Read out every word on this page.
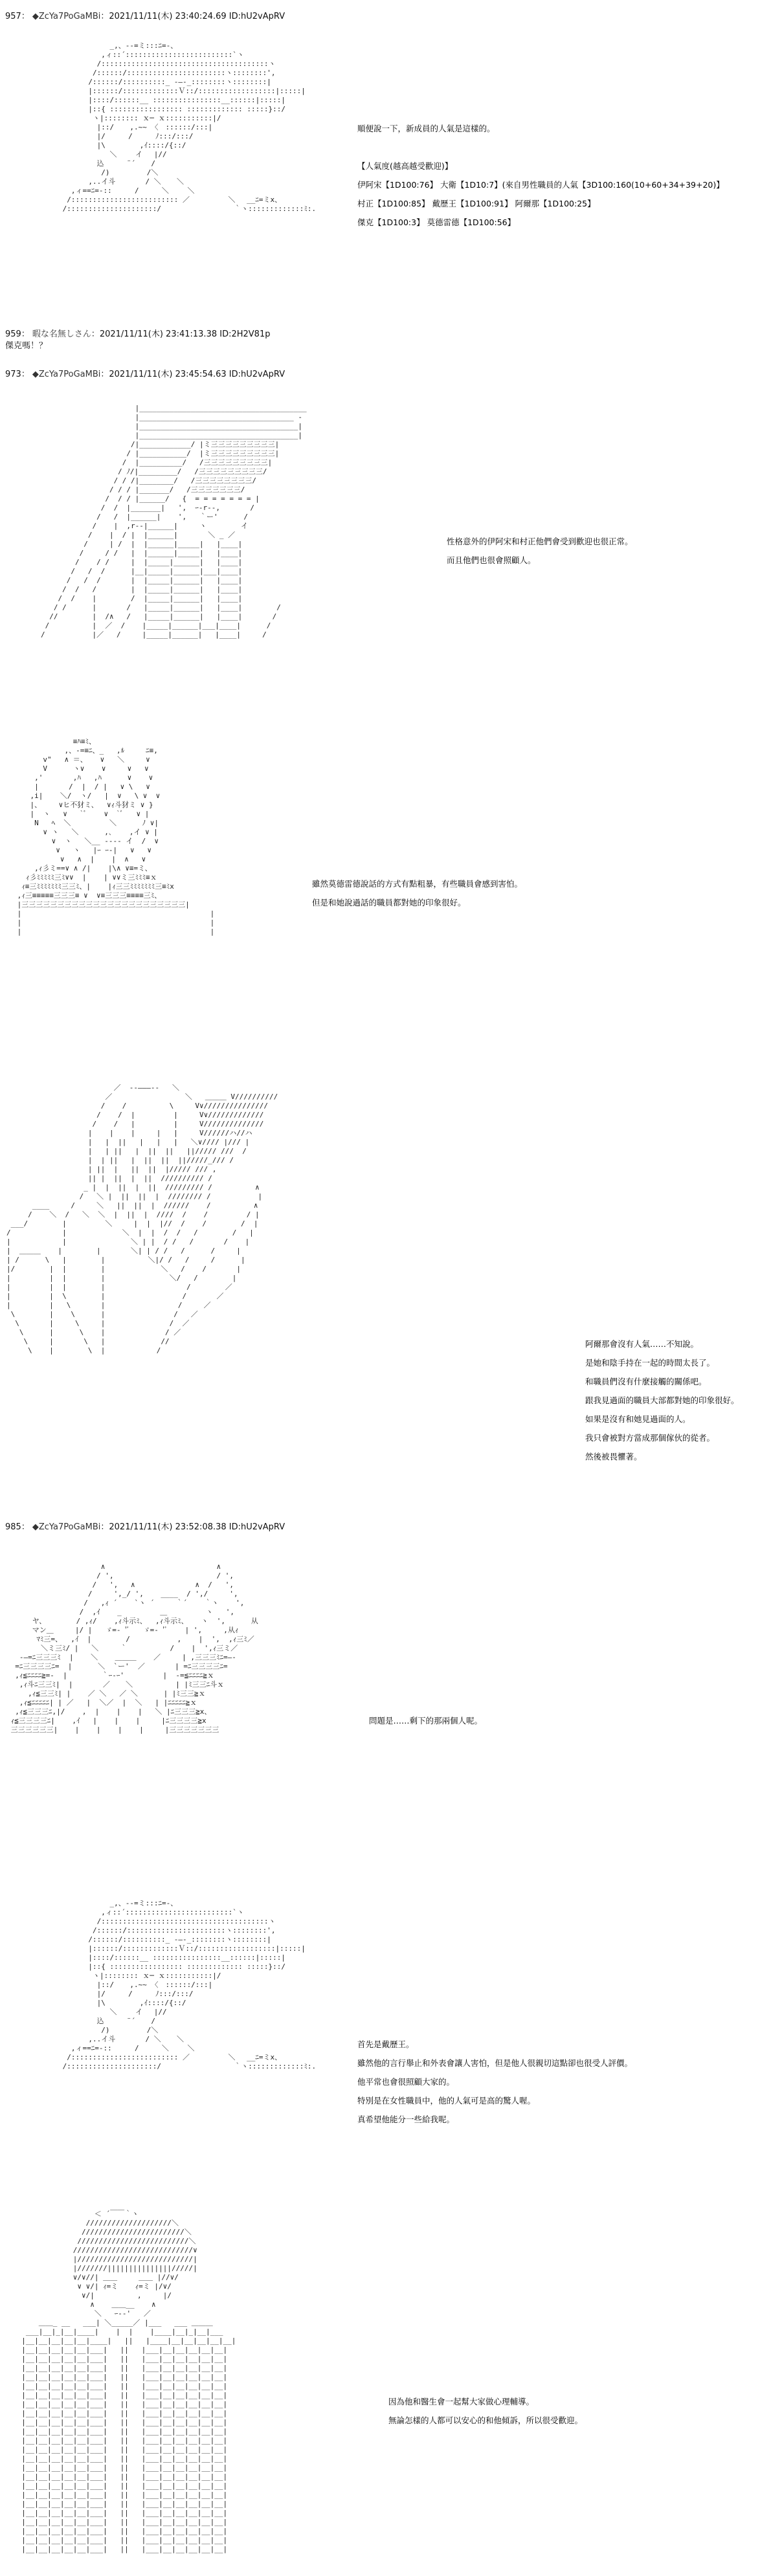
957： ◆ZcYa7PoGaMBi：2021/11/11(木) 23:40:24.69 ID:hU2vApRV

_,、-‐=ミ:::ﾆ=-、
,ィ::´:::::::::::::::::::::::::`ヽ
/:::::::::::::::::::::::::::::::::::::::ヽ
/::::::/:::::::::::::::::::::::ヽ::::::::',
/::::::/::::::::::_ -―-_::::::::ヽ::::::::|
|::::::/:::::::::::::Ｖ::/::::::::::::::::::|:::::|
|::::/::::::__ ::::::::::::::::__::::::|:::::|
|::{ ::::::::::::::::: ::::::::::::: :::::}::/
ヽ|:::::::: ｘ─ ｘ:::::::::::|/
|::/ 　 ,.~~ 〈　::::::/:::|
|/ 　　 /　 　 ﾉ:::/:::/
|\　 　 　 ,ｲ::::/{::/
＼　　 イ　 |//
込　 　 ¨´ 　 /
/)　　 　 　/＼
,..イ斗　 　 　/ ＼ 　 ＼
,ィ==ﾆ=-::　 　 /　 　 ＼　 　＼
/::::::::::::::::::::::::: ／ 　 　 　 ＼ 　__ﾆ=ミx、
/:::::::::::::::::::::/ 　 　 　 　 　 　 ｀ヽ:::::::::::::ﾐ:.

順便說一下，新成員的人氣是這樣的。

【人氣度(越高越受歡迎)】
伊阿宋【1D100:76】 大衛【1D10:7】(來自男性職員的人氣【3D100:160(10+60+34+39+20)】
村正【1D100:85】 戴歷王【1D100:91】 阿爾那【1D100:25】
傑克【1D100:3】 莫德雷德【1D100:56】
959： 暇な名無しさん：2021/11/11(木) 23:41:13.38 ID:2H2V81p
傑克嗎！？
973： ◆ZcYa7PoGaMBi：2021/11/11(木) 23:45:54.63 ID:hU2vApRV

|_______________________________________
|____________________________________ -
|_____________________________________|
|_____________________________________|
/|____________/ |ミ三三三三三三三三三|
/ |___________/  |ミ三三三三三三三三三|
/  |__________/   /三三三三三三三三三|
/ ﾉ/|_________/   /三三三三三三三三三/
/ / /|________/   /三三三三三三三三/
/ / / |_______/   /三三三三三三三/
/  / / |______/   {  = = = = = = = |
/  /  |_______|   ',  ｰ‐r-‐,       /
/   /  |______|    ',   ｀ー'      /
/    |  ,r‐-|______|     ヽ        イ
/    |  / |  |______|       ＼ _ ／
/     | /  |  |______|_____|   |____|
/     / /   |  |______|_____|   |____|
/    / /     |  |_____|______|   |____|
/   /  /      |__|_____|______|___|____|
/   /  /       |  |_____|______|   |____|
/  /   /        |  |_____|______|   |____|
/  /    |        /  |_____|______|   |____|
/ /      |       /   |_____|______|   |____|        /
//        |  /∧   /   |_____|______|   |____|       /
/          |  ／  /    |_____|______|___|____|      /
/           |／   /     |_____|______|   |____|     /

性格意外的伊阿宋和村正他們會受到歡迎也很正常。
而且他們也很會照顧人。

≡ﾊ≡ﾐ、
,、-=≡ﾆ、_   ,ﾙ     ﾆ≡,
v"   ∧ ＝、   ∨   ＼     ∨
V      ヽ∨    ∨     ∨   ∨
,'       ,ﾊ   ,ﾊ      ∨    ∨
|       /  |  / |   ∨ \   ∨
,i|    ＼/  ヽ/   |  ∨   \ ∨  ∨
|、    ∨ヒ不犲ミ、  ∨ｨ斗犲ミ ∨ }
|  ヽ   ∨   `ﾞ    ∨  `ﾞ   ∨ |
N   ﾍ  ＼         ＼      ﾉ ∨|
∨ ヽ   ＼      ,､    ,イ ∨ |
∨  ヽ   ＼__ ‐‐‐‐ イ  /  ∨
∨   ヽ   |ｰ ｰ‐|   ∨   ∨
∨   ∧  |    |  ∧   ∨
,ｨ彡ミ==∨ ∧ /|    |\∧ ∨≡=ミ、
ｨ彡ﾐﾐﾐﾐﾐ三ﾐ∨∨  |    | ∨∨ミ三ﾐﾐﾐ≡ｘ
ｨ≡三ﾐﾐﾐﾐﾐﾐﾐ三三ﾐ、|    |ｨ三三ﾐﾐﾐﾐﾐﾐﾐ三≡ﾐx
,ｨ三≡≡≡≡≡三三三≡ ∨  ∨≡三三三≡≡≡≡三ﾐ、
|三三三三三三三三三三三三三三三三三三三三三三三|
|                                            |
|                                            |
|                                            |

雖然莫德雷德說話的方式有點粗暴，有些職員會感到害怕。
但是和她說過話的職員都對她的印象很好。

／  ‐‐―――‐‐   ＼
／                 ＼   ＿＿＿ V//////////
/    /          \     V∨///////////////
/    /  |         |     V∨/////////////
/    /   |         |     V//////////////
|    |    |     |   |     V//////ハ//ハ
|   |  ||   |   |   |   ＼∨//// |/// |
|   | ||   |  ||  ||   ||///// ///  /
|  | ||   |  ||  ||  ||/////_/// /
| ||  |   ||  ||  |///// /// ,
|| |  ||  |  ||  ////////// /
_ |  |  ||  |  ||  ///////// /          ∧
/   ＼ |  ||  ||  |  //////// /           |
____     /     ＼   ||  ||  |  //////    /          ∧
/    ＼  /   ＼  ＼  |  ||  |  ////  /    /         / |
___/        |         ＼     |  |  |//  /    /        /  |
/            |             ＼  |  |  /  /   /        /   |
|            |               ＼ | |  / /   /       /    |
|  ＿＿＿    |        |       ＼| | / /   /      /     |
| /      \   |        |          ＼|/ /   /     /      |
|/        |  |        |             ＼   /    /       |
|         |  |        |               ＼/   /        |
|         |  |        |                   /        ／
|         |  \        |                  /       ／
|         |   \       |                 /     ／
\        |    \      |                /   ／
\       |     \     |               /  ／
\      |      \    |              / ／
\     |       \   |             //
\    |        \  |            /

阿爾那會沒有人氣……不知說。
是她和陰手持在一起的時間太長了。
和職員們沒有什麼接觸的關係吧。
跟我見過面的職員大部都對她的印象很好。
如果是沒有和她見過面的人。
我只會被對方當成那個傢伙的從者。
然後被畏懼著。
985： ◆ZcYa7PoGaMBi：2021/11/11(木) 23:52:08.38 ID:hU2vApRV

∧                          ∧
/ ',                        / ',
/   ',   ∧              ∧  /   ',
/     ',_/ ',    ____  / ',/     ',
/   ,ｨ ´    `ヽ ´     ｀´    ｀ヽ    ',
/  ,ｲ    _         ＿         ヽ   ',
ヤ、       / ,ｨ/    ,ｨ斗示ﾐ、  ,ｨ斗示ﾐ、   ヽ  ',      从
マン＿     |/ |   ゞ=‐ 'ﾞ   ゞ=‐ 'ﾞ    | ',     ,从ｨ
ﾏﾐ三=、  ,ｲ  |        /           ,    |  ',  ,ｨ三ﾐ／
＼ミ三ﾐ/ |   ＼     ｀          /    |  ',ｨ三ミ／
-―=ﾆ三三三ﾐ  |    ＼    ＿＿＿    ／     | ,三三三ﾐﾆ=―-
=ﾆ三三三三ﾆ=  |      ＼  `ー'  ／       | =ﾆ三三三三ﾆ=
,ｨ≦ﾆﾆﾆﾆ≧=-  |        ｀ｰ‐ｰ'         |  -=≦ﾆﾆﾆﾆ≧ｘ
,ｨ斗ﾆ三三ﾐ|  |       ／ 　 ＼          | |ﾐ三三ﾆ斗ｘ
,ｨ≦三三ﾐ| |    ／ ＼   ／ ＼      | |ﾐ三三≧ｘ
,ｨ≦ﾆﾆﾆﾆﾆ| | ／   |  ＼／  |  ＼   | |ﾆﾆﾆﾆﾆ≧ｘ
,ｨ≦三三三ﾆ,|/    ,  |    |    |   ＼ |ﾆ三三三≧x、
ｨ≦三三三三ﾆ|    ,ｲ   |    |    |     |ﾆ三三三三≧x
三三三三三三|    |    |    |    |     |三三三三三三三

問題是……剩下的那兩個人呢。

_,、-‐=ミ:::ﾆ=-、
,ィ::´:::::::::::::::::::::::::`ヽ
/:::::::::::::::::::::::::::::::::::::::ヽ
/::::::/:::::::::::::::::::::::ヽ::::::::',
/::::::/::::::::::_ -―-_::::::::ヽ::::::::|
|::::::/:::::::::::::Ｖ::/::::::::::::::::::|:::::|
|::::/::::::__ ::::::::::::::::__::::::|:::::|
|::{ ::::::::::::::::: ::::::::::::: :::::}::/
ヽ|:::::::: ｘ─ ｘ:::::::::::|/
|::/ 　 ,.~~ 〈　::::::/:::|
|/ 　　 /　 　 ﾉ:::/:::/
|\　 　 　 ,ｲ::::/{::/
＼　　 イ　 |//
込　 　 ¨´ 　 /
/)　　 　 　/＼
,..イ斗　 　 　/ ＼ 　 ＼
,ィ==ﾆ=-::　 　 /　 　 ＼　 　＼
/::::::::::::::::::::::::: ／ 　 　 　 ＼ 　__ﾆ=ミx、
/:::::::::::::::::::::/ 　 　 　 　 　 　 ｀ヽ:::::::::::::ﾐ:.

首先是戴歷王。
雖然他的言行舉止和外表會讓人害怕，但是他人很親切這點卻也很受人評價。
他平常也會很照顧大家的。
特別是在女性職員中，他的人氣可是高的驚人喔。
真希望他能分一些給我呢。

＜ ´￣￣｀ヽ
////////////////////＼
////////////////////////＼
//////////////////////////＼
////////////////////////////∨
|///////////////////////////|
|///////|||||||||||||||/////|
∨/∨//| ＿＿     ＿＿ |//∨/
∨ ∨/| ｨ=ミ    ｨ=ミ |/∨/
∨/|          ,     |/
∧    ＿＿__    ∧
＼   ｰ‐‐'   ／
＿＿_ __   ___| ＼_____／ |___   ___ ＿＿＿
___|__|_|__|____|    |  |    |____|__|_|__|___
|__|__|__|__|__|____|   ||   |____|__|__|__|__|__|
|__|__|__|__|__|___|   ||   |___|__|__|__|__|__|
|__|__|__|__|__|___|   ||   |___|__|__|__|__|__|
|__|__|__|__|__|___|   ||   |___|__|__|__|__|__|
|__|__|__|__|__|___|   ||   |___|__|__|__|__|__|
|__|__|__|__|__|___|   ||   |___|__|__|__|__|__|
|__|__|__|__|__|___|   ||   |___|__|__|__|__|__|
|__|__|__|__|__|___|   ||   |___|__|__|__|__|__|
|__|__|__|__|__|___|   ||   |___|__|__|__|__|__|
|__|__|__|__|__|___|   ||   |___|__|__|__|__|__|
|__|__|__|__|__|___|   ||   |___|__|__|__|__|__|
|__|__|__|__|__|___|   ||   |___|__|__|__|__|__|
|__|__|__|__|__|___|   ||   |___|__|__|__|__|__|
|__|__|__|__|__|___|   ||   |___|__|__|__|__|__|
|__|__|__|__|__|___|   ||   |___|__|__|__|__|__|
|__|__|__|__|__|___|   ||   |___|__|__|__|__|__|
|__|__|__|__|__|___|   ||   |___|__|__|__|__|__|
|__|__|__|__|__|___|   ||   |___|__|__|__|__|__|
|__|__|__|__|__|___|   ||   |___|__|__|__|__|__|
|__|__|__|__|__|___|   ||   |___|__|__|__|__|__|
|__|__|__|__|__|___|   ||   |___|__|__|__|__|__|
|__|__|__|__|__|___|   ||   |___|__|__|__|__|__|
|__|__|__|__|__|___|   ||   |___|__|__|__|__|__|
|__|__|__|__|__|___|   ||   |___|__|__|__|__|__|

因為他和醫生會一起幫大家做心理輔導。
無論怎樣的人都可以安心的和他傾訴，所以很受歡迎。
